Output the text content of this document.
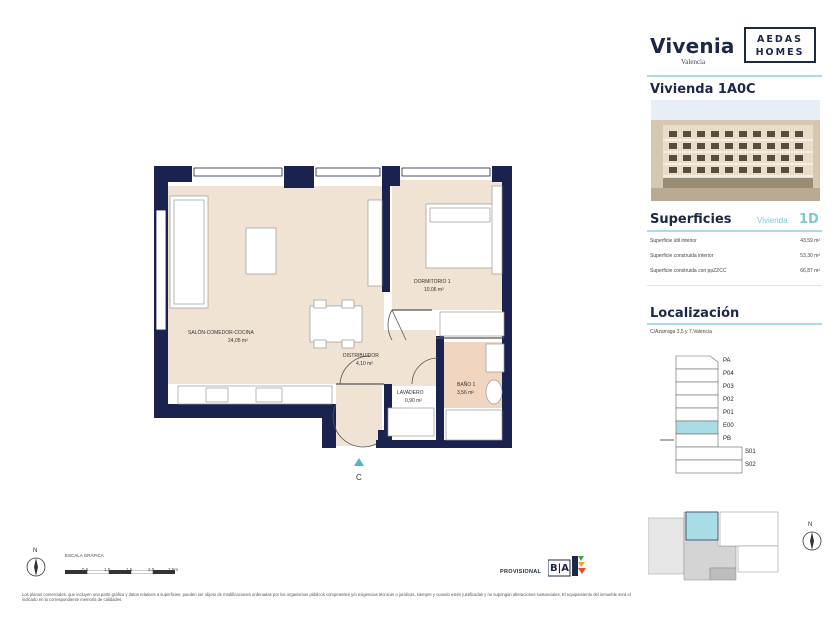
Vivenia
Valencia
AEDAS
HOMES
Vivienda 1A0C
Superficies	Vivienda 1D
Superficie útil interior	43,59 m²
Superficie construida interior	53,30 m²
Superficie construida con ppZZCC	66,87 m²
Localización
C/Azarraga 3,5 y 7,Valencia
PA
P04
P03
P02
P01
E00
PB
S01
S02
N
SALÓN-COMEDOR-COCINA
24,05 m²
DORMITORIO 1
10,06 m²
DISTRIBUIDOR
4,10 m²
LAVADERO
0,90 m²
BAÑO 1
3,56 m²
C
N
ESCALA GRÁFICA
0,5	1,0	1,5	2,0	2,5m	PROVISIONAL B|A
Los planos comerciales, que incluyen una parte gráfica y datos relativos a superficies, pueden ser objeto de modificaciones ordenadas por los organismos públicos competentes y/o exigencias técnicas o jurídicas, siempre y cuando estén justificadas y no supongan alteraciones sustanciales. El equipamiento del inmueble será el indicado en la correspondiente memoria de calidades.
